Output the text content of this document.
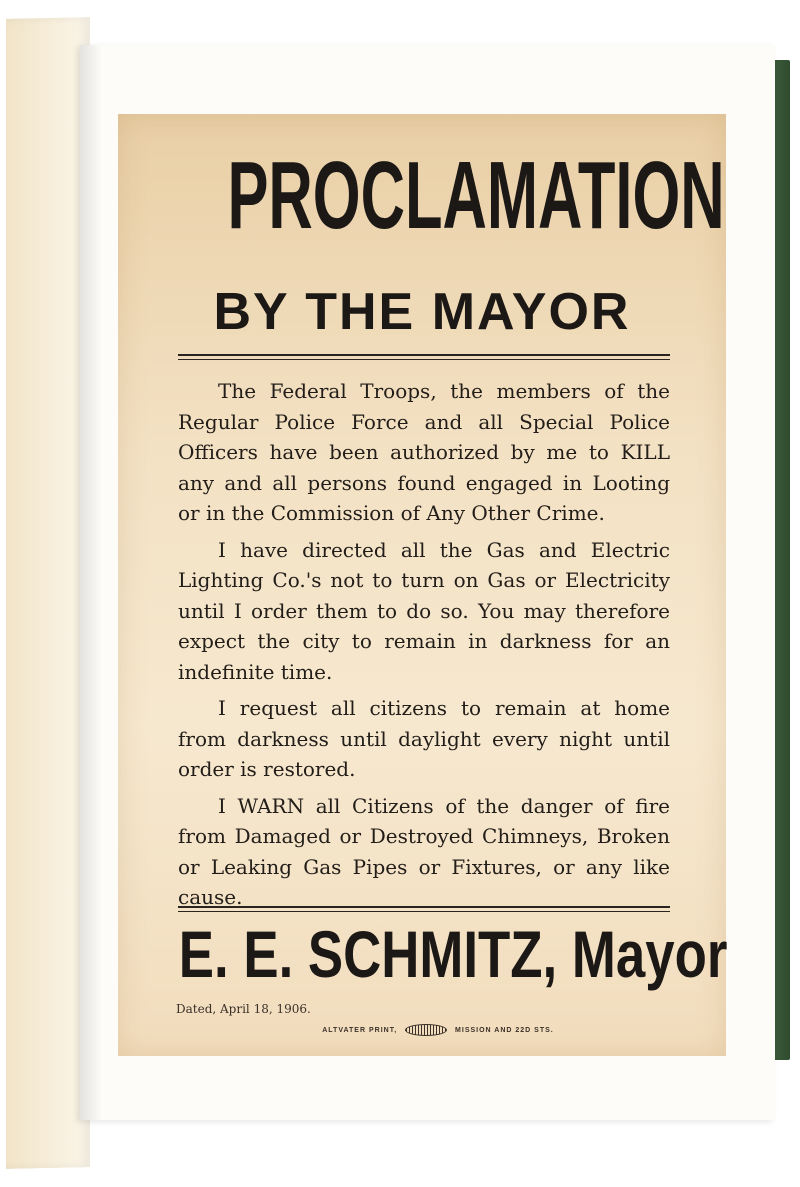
PROCLAMATION
BY THE MAYOR

The Federal Troops, the members of the Regular Police Force and all Special Police Officers have been authorized by me to KILL any and all persons found engaged in Looting or in the Commission of Any Other Crime.

I have directed all the Gas and Electric Lighting Co.'s not to turn on Gas or Electricity until I order them to do so. You may therefore expect the city to remain in darkness for an indefinite time.

I request all citizens to remain at home from darkness until daylight every night until order is restored.

I WARN all Citizens of the danger of fire from Damaged or Destroyed Chimneys, Broken or Leaking Gas Pipes or Fixtures, or any like cause.

E. E. SCHMITZ, Mayor
Dated, April 18, 1906.
ALTVATER PRINT,	MISSION AND 22D STS.
